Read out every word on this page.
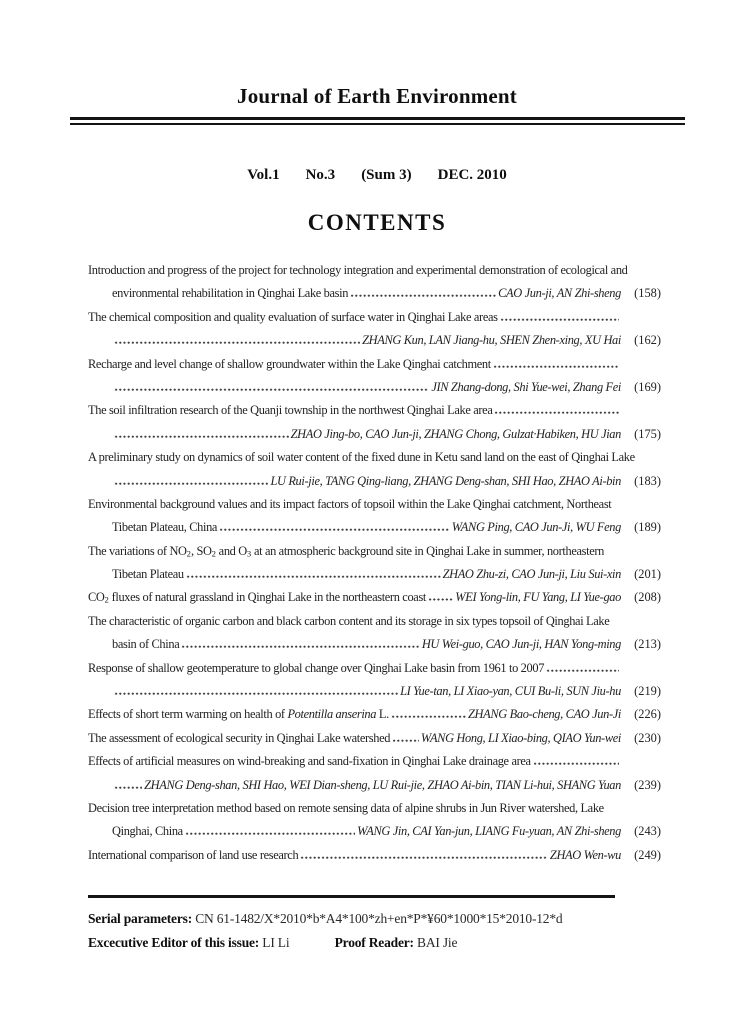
Journal of Earth Environment
Vol.1 No.3 (Sum 3) DEC. 2010
CONTENTS
Introduction and progress of the project for technology integration and experimental demonstration of ecological and
environmental rehabilitation in Qinghai Lake basin	CAO Jun-ji, AN Zhi-sheng	(158)
The chemical composition and quality evaluation of surface water in Qinghai Lake areas
ZHANG Kun, LAN Jiang-hu, SHEN Zhen-xing, XU Hai	(162)
Recharge and level change of shallow groundwater within the Lake Qinghai catchment
JIN Zhang-dong, Shi Yue-wei, Zhang Fei	(169)
The soil infiltration research of the Quanji township in the northwest Qinghai Lake area
ZHAO Jing-bo, CAO Jun-ji, ZHANG Chong, Gulzat·Habiken, HU Jian	(175)
A preliminary study on dynamics of soil water content of the fixed dune in Ketu sand land on the east of Qinghai Lake
LU Rui-jie, TANG Qing-liang, ZHANG Deng-shan, SHI Hao, ZHAO Ai-bin	(183)
Environmental background values and its impact factors of topsoil within the Lake Qinghai catchment, Northeast
Tibetan Plateau, China	WANG Ping, CAO Jun-Ji, WU Feng	(189)
The variations of NO2, SO2 and O3 at an atmospheric background site in Qinghai Lake in summer, northeastern
Tibetan Plateau	ZHAO Zhu-zi, CAO Jun-ji, Liu Sui-xin	(201)
CO2 fluxes of natural grassland in Qinghai Lake in the northeastern coast WEI Yong-lin, FU Yang, LI Yue-gao	(208)
The characteristic of organic carbon and black carbon content and its storage in six types topsoil of Qinghai Lake
basin of China	HU Wei-guo, CAO Jun-ji, HAN Yong-ming	(213)
Response of shallow geotemperature to global change over Qinghai Lake basin from 1961 to 2007
LI Yue-tan, LI Xiao-yan, CUI Bu-li, SUN Jiu-hu	(219)
Effects of short term warming on health of Potentilla anserina L.	ZHANG Bao-cheng, CAO Jun-Ji	(226)
The assessment of ecological security in Qinghai Lake watershed WANG Hong, LI Xiao-bing, QIAO Yun-wei	(230)
Effects of artificial measures on wind-breaking and sand-fixation in Qinghai Lake drainage area
ZHANG Deng-shan, SHI Hao, WEI Dian-sheng, LU Rui-jie, ZHAO Ai-bin, TIAN Li-hui, SHANG Yuan	(239)
Decision tree interpretation method based on remote sensing data of alpine shrubs in Jun River watershed, Lake
Qinghai, China	WANG Jin, CAI Yan-jun, LIANG Fu-yuan, AN Zhi-sheng	(243)
International comparison of land use research	ZHAO Wen-wu	(249)
Serial parameters: CN 61-1482/X*2010*b*A4*100*zh+en*P*¥60*1000*15*2010-12*d
Excecutive Editor of this issue: LI Li	Proof Reader: BAI Jie
